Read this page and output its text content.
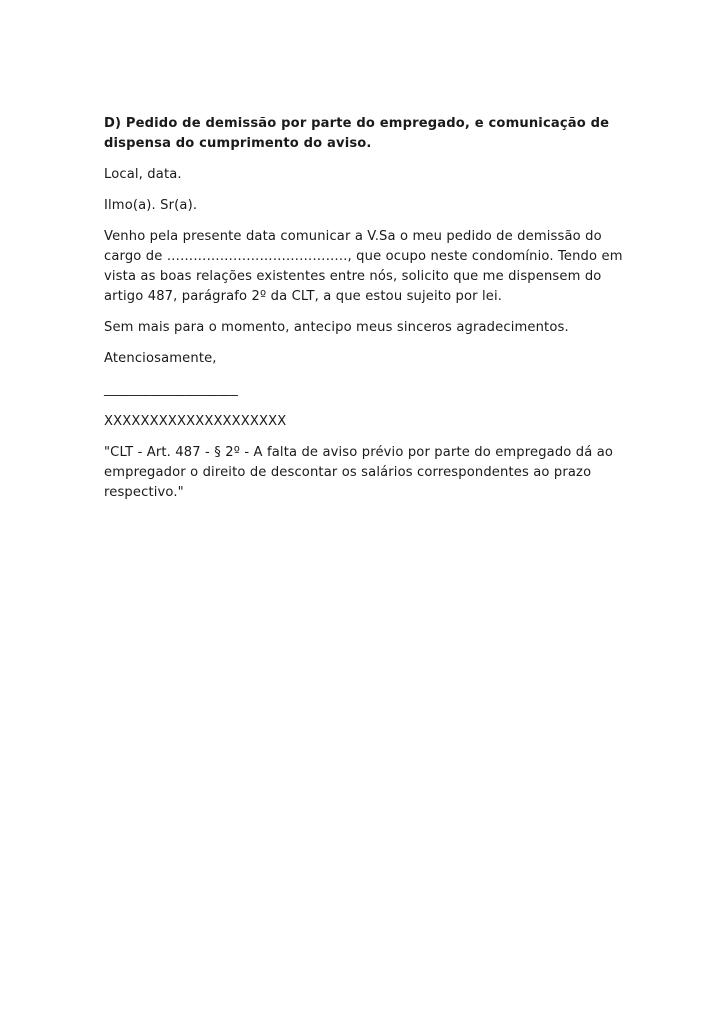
D) Pedido de demissão por parte do empregado, e comunicação de dispensa do cumprimento do aviso.

Local, data.

Ilmo(a). Sr(a).

Venho pela presente data comunicar a V.Sa o meu pedido de demissão do cargo de ………………………………….., que ocupo neste condomínio. Tendo em vista as boas relações existentes entre nós, solicito que me dispensem do artigo 487, parágrafo 2º da CLT, a que estou sujeito por lei.

Sem mais para o momento, antecipo meus sinceros agradecimentos.

Atenciosamente,

____________________

XXXXXXXXXXXXXXXXXXXX

"CLT - Art. 487 - § 2º - A falta de aviso prévio por parte do empregado dá ao empregador o direito de descontar os salários correspondentes ao prazo respectivo."
